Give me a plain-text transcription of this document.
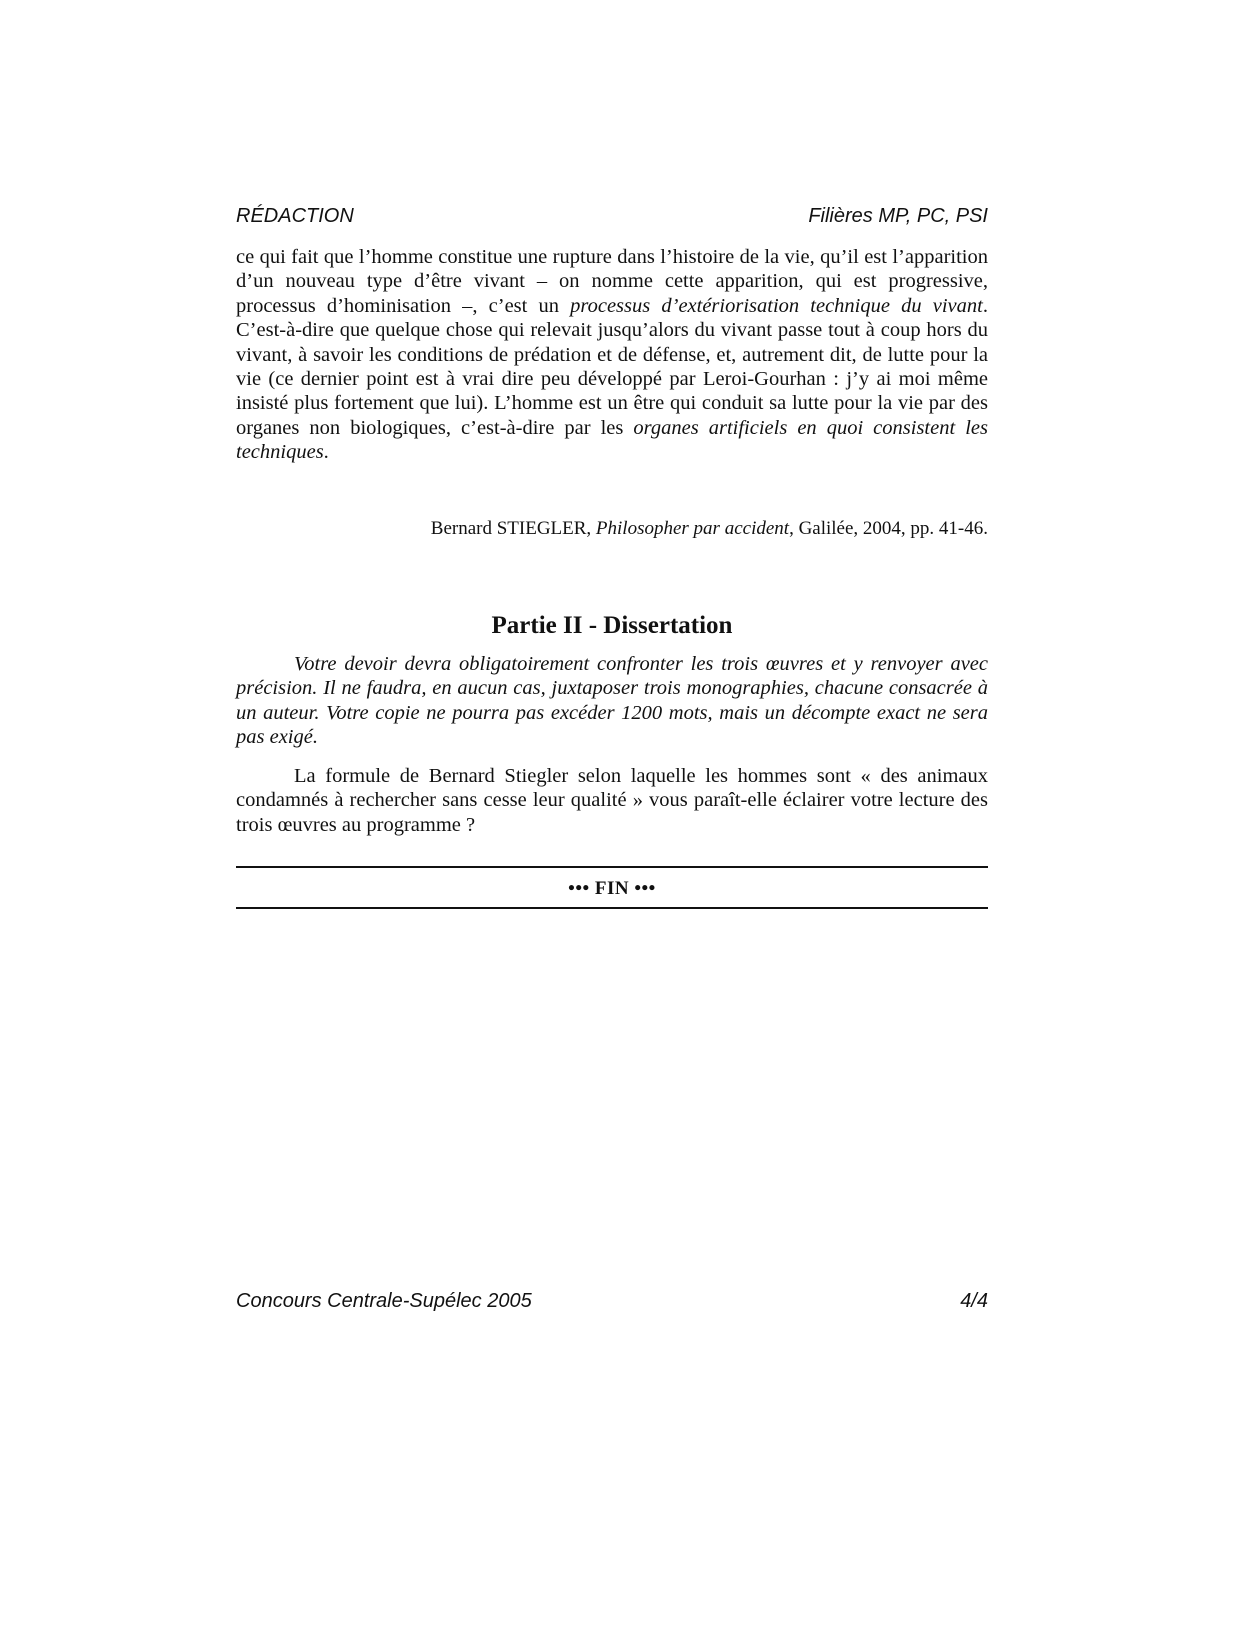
RÉDACTION	Filières MP, PC, PSI

ce qui fait que l’homme constitue une rupture dans l’histoire de la vie, qu’il est l’apparition d’un nouveau type d’être vivant – on nomme cette apparition, qui est progressive, processus d’hominisation –, c’est un processus d’extériorisation technique du vivant. C’est-à-dire que quelque chose qui relevait jusqu’alors du vivant passe tout à coup hors du vivant, à savoir les conditions de prédation et de défense, et, autrement dit, de lutte pour la vie (ce dernier point est à vrai dire peu développé par Leroi-Gourhan : j’y ai moi même insisté plus fortement que lui). L’homme est un être qui conduit sa lutte pour la vie par des organes non biologiques, c’est-à-dire par les organes artificiels en quoi consistent les techniques.

Bernard STIEGLER, Philosopher par accident, Galilée, 2004, pp. 41-46.
Partie II - Dissertation

Votre devoir devra obligatoirement confronter les trois œuvres et y renvoyer avec précision. Il ne faudra, en aucun cas, juxtaposer trois monographies, chacune consacrée à un auteur. Votre copie ne pourra pas excéder 1200 mots, mais un décompte exact ne sera pas exigé.

La formule de Bernard Stiegler selon laquelle les hommes sont « des animaux condamnés à rechercher sans cesse leur qualité » vous paraît-elle éclairer votre lecture des trois œuvres au programme ?

••• FIN •••
Concours Centrale-Supélec 2005	4/4
